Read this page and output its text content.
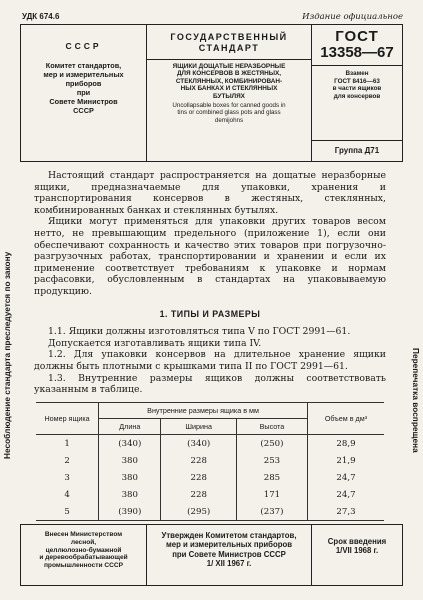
УДК 674.6	Издание официальное
СССР
Комитет стандартов,
мер и измерительных
приборов
при
Совете Министров
СССР
ГОСУДАРСТВЕННЫЙ
СТАНДАРТ
ЯЩИКИ ДОЩАТЫЕ НЕРАЗБОРНЫЕ
ДЛЯ КОНСЕРВОВ В ЖЕСТЯНЫХ,
СТЕКЛЯННЫХ, КОМБИНИРОВАН-
НЫХ БАНКАХ И СТЕКЛЯННЫХ
БУТЫЛЯХ
Uncollapsable boxes for canned goods in
tins or combined glass pots and glass
demijohns
ГОСТ
13358—67
Взамен
ГОСТ 8416—63
в части ящиков
для консервов
Группа Д71
Несоблюдение стандарта преследуется по закону	Перепечатка воспрещена

Настоящий стандарт распространяется на дощатые неразборные ящики, предназначаемые для упаковки, хранения и транспортирования консервов в жестяных, стеклянных, комбинированных банках и стеклянных бутылях.

Ящики могут применяться для упаковки других товаров весом нетто, не превышающим предельного (приложение 1), если они обеспечивают сохранность и качество этих товаров при погрузочно-разгрузочных работах, транспортировании и хранении и если их применение соответствует требованиям к упаковке и нормам расфасовки, обусловленным в стандартах на упаковываемую продукцию.

1. ТИПЫ И РАЗМЕРЫ

1.1. Ящики должны изготовляться типа V по ГОСТ 2991—61.

Допускается изготавливать ящики типа IV.

1.2. Для упаковки консервов на длительное хранение ящики должны быть плотными с крышками типа II по ГОСТ 2991—61.

1.3. Внутренние размеры ящиков должны соответствовать указанным в таблице.

Номер ящика	Внутренние размеры ящика в мм			Объем в дм³
	Длина	Ширина	Высота	
1	(340)	(340)	(250)	28,9
2	380	228	253	21,9
3	380	228	285	24,7
4	380	228	171	24,7
5	(390)	(295)	(237)	27,3
Внесен Министерством
лесной,
целлюлозно-бумажной
и деревообрабатывающей
промышленности СССР
Утвержден Комитетом стандартов,
мер и измерительных приборов
при Совете Министров СССР
1/ XII 1967 г.
Срок введения
1/VII 1968 г.
